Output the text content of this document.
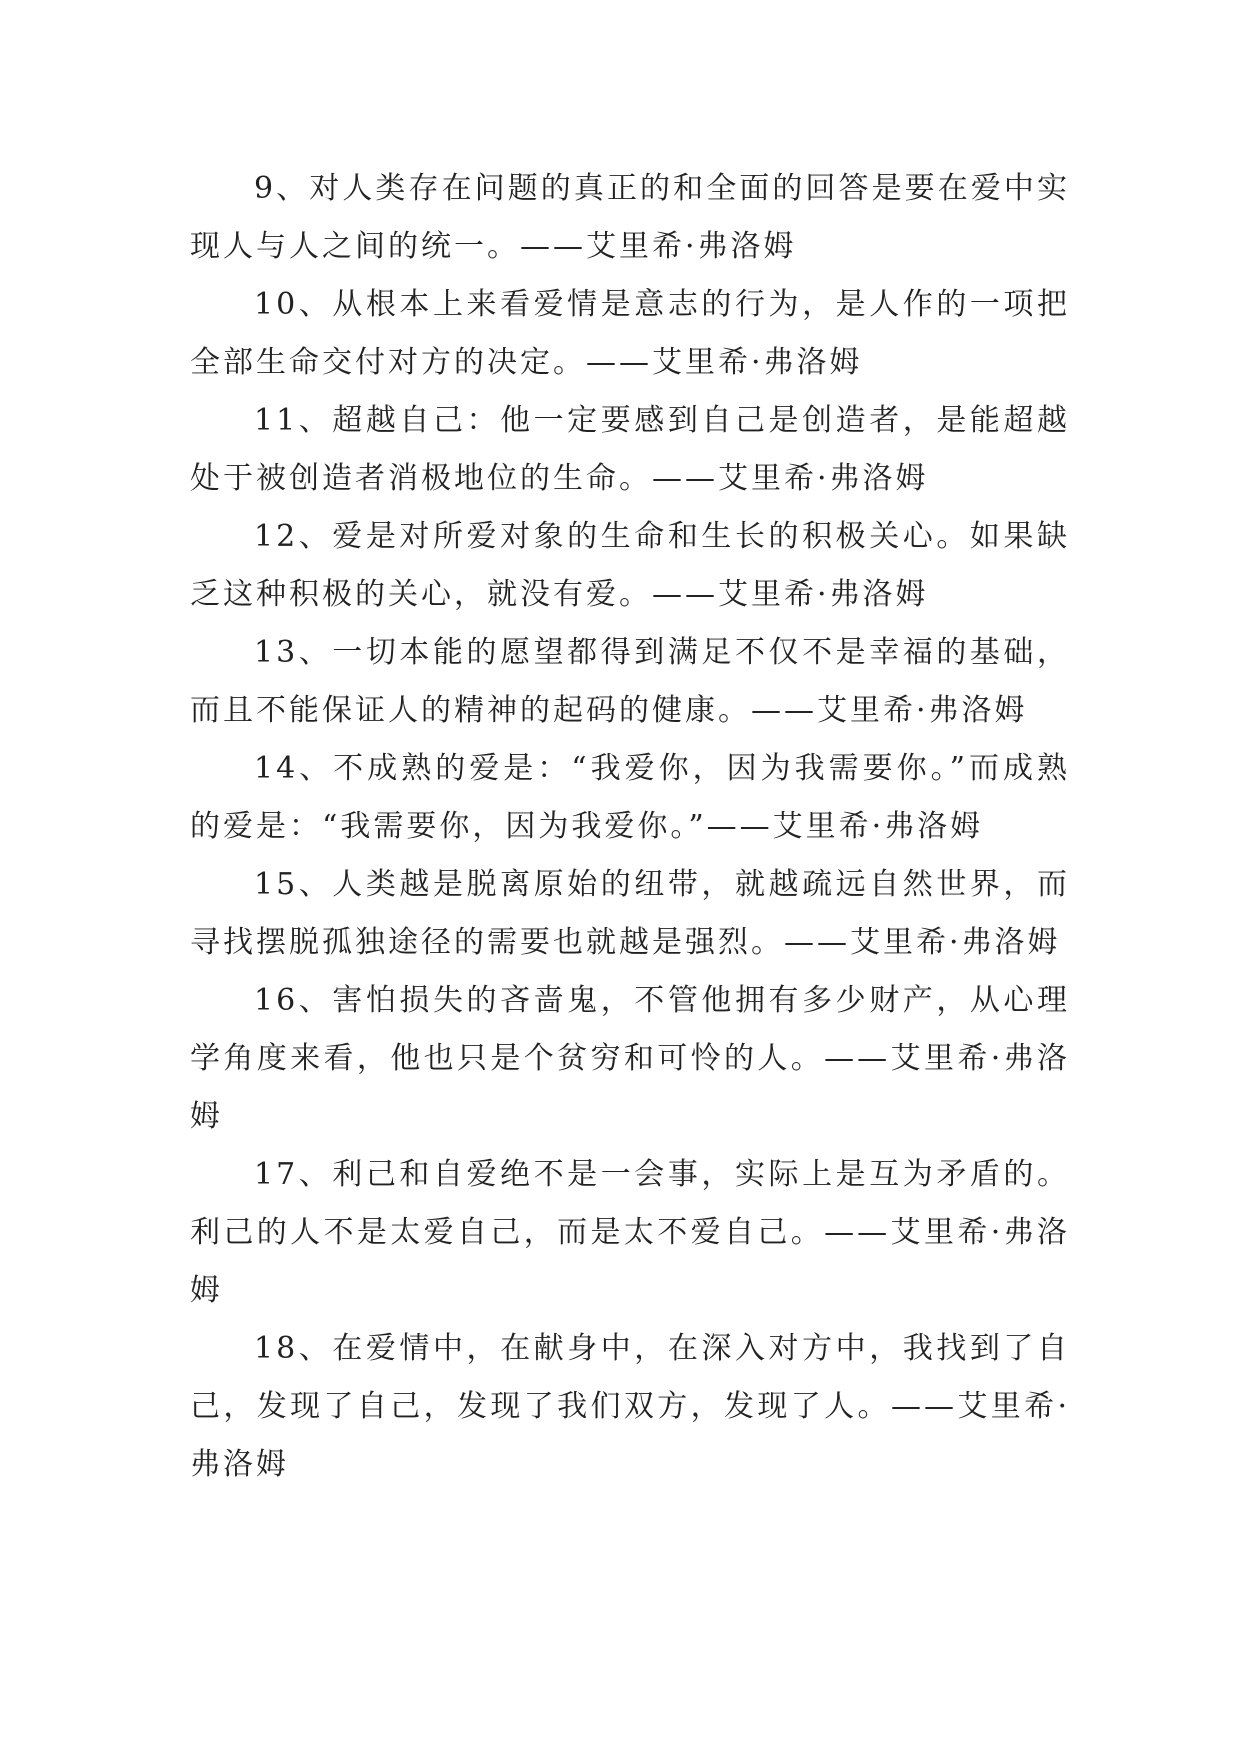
9、对人类存在问题的真正的和全面的回答是要在爱中实现人与人之间的统一。——艾里希·弗洛姆

10、从根本上来看爱情是意志的行为，是人作的一项把全部生命交付对方的决定。——艾里希·弗洛姆

11、超越自己：他一定要感到自己是创造者，是能超越处于被创造者消极地位的生命。——艾里希·弗洛姆

12、爱是对所爱对象的生命和生长的积极关心。如果缺乏这种积极的关心，就没有爱。——艾里希·弗洛姆

13、一切本能的愿望都得到满足不仅不是幸福的基础，而且不能保证人的精神的起码的健康。——艾里希·弗洛姆

14、不成熟的爱是：“我爱你，因为我需要你。”而成熟的爱是：“我需要你，因为我爱你。”——艾里希·弗洛姆

15、人类越是脱离原始的纽带，就越疏远自然世界，而寻找摆脱孤独途径的需要也就越是强烈。——艾里希·弗洛姆

16、害怕损失的吝啬鬼，不管他拥有多少财产，从心理学角度来看，他也只是个贫穷和可怜的人。——艾里希·弗洛姆

17、利己和自爱绝不是一会事，实际上是互为矛盾的。利己的人不是太爱自己，而是太不爱自己。——艾里希·弗洛姆

18、在爱情中，在献身中，在深入对方中，我找到了自己，发现了自己，发现了我们双方，发现了人。——艾里希·弗洛姆
